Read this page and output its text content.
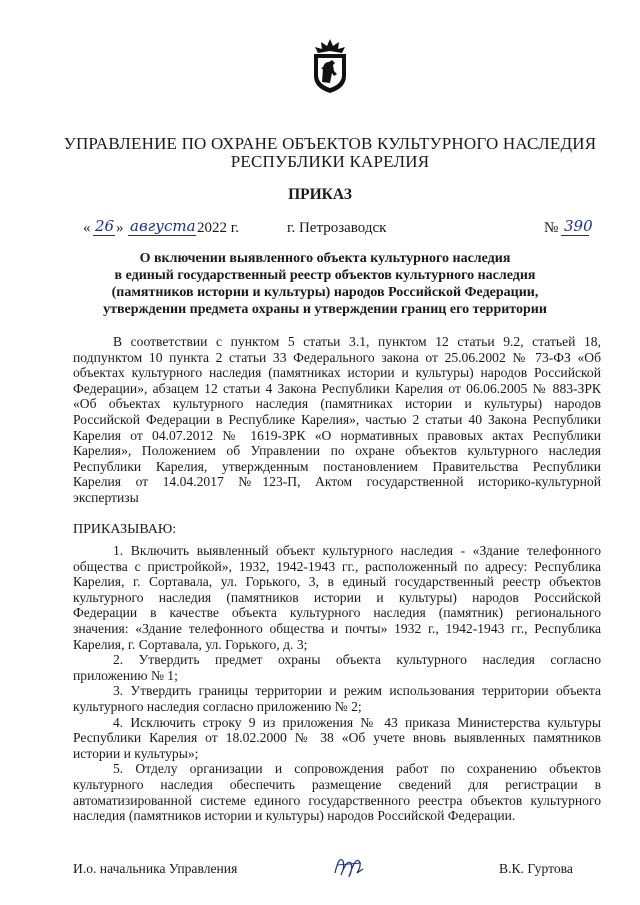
УПРАВЛЕНИЕ ПО ОХРАНЕ ОБЪЕКТОВ КУЛЬТУРНОГО НАСЛЕДИЯ
РЕСПУБЛИКИ КАРЕЛИЯ
ПРИКАЗ
« 26 » августа 2022 г.	г. Петрозаводск	№ 390
О включении выявленного объекта культурного наследия
в единый государственный реестр объектов культурного наследия
(памятников истории и культуры) народов Российской Федерации,
утверждении предмета охраны и утверждении границ его территории
В соответствии с пунктом 5 статьи 3.1, пунктом 12 статьи 9.2, статьей 18,
подпунктом 10 пункта 2 статьи 33 Федерального закона от 25.06.2002 № 73-ФЗ «Об
объектах культурного наследия (памятниках истории и культуры) народов Российской
Федерации», абзацем 12 статьи 4 Закона Республики Карелия от 06.06.2005 № 883-ЗРК
«Об объектах культурного наследия (памятниках истории и культуры) народов
Российской Федерации в Республике Карелия», частью 2 статьи 40 Закона Республики
Карелия от 04.07.2012 № 1619-ЗРК «О нормативных правовых актах Республики
Карелия», Положением об Управлении по охране объектов культурного наследия
Республики Карелия, утвержденным постановлением Правительства Республики
Карелия от 14.04.2017 №123-П, Актом государственной историко-культурной
экспертизы
ПРИКАЗЫВАЮ:
1. Включить выявленный объект культурного наследия - «Здание телефонного
общества с пристройкой», 1932, 1942-1943 гг., расположенный по адресу: Республика
Карелия, г. Сортавала, ул. Горького, 3, в единый государственный реестр объектов
культурного наследия (памятников истории и культуры) народов Российской
Федерации в качестве объекта культурного наследия (памятник) регионального
значения: «Здание телефонного общества и почты» 1932 г., 1942-1943 гг., Республика
Карелия, г. Сортавала, ул. Горького, д. 3;
2. Утвердить предмет охраны объекта культурного наследия согласно
приложению № 1;
3. Утвердить границы территории и режим использования территории объекта
культурного наследия согласно приложению № 2;
4. Исключить строку 9 из приложения № 43 приказа Министерства культуры
Республики Карелия от 18.02.2000 № 38 «Об учете вновь выявленных памятников
истории и культуры»;
5. Отделу организации и сопровождения работ по сохранению объектов
культурного наследия обеспечить размещение сведений для регистрации в
автоматизированной системе единого государственного реестра объектов культурного
наследия (памятников истории и культуры) народов Российской Федерации.
И.о. начальника Управления	В.К. Гуртова
